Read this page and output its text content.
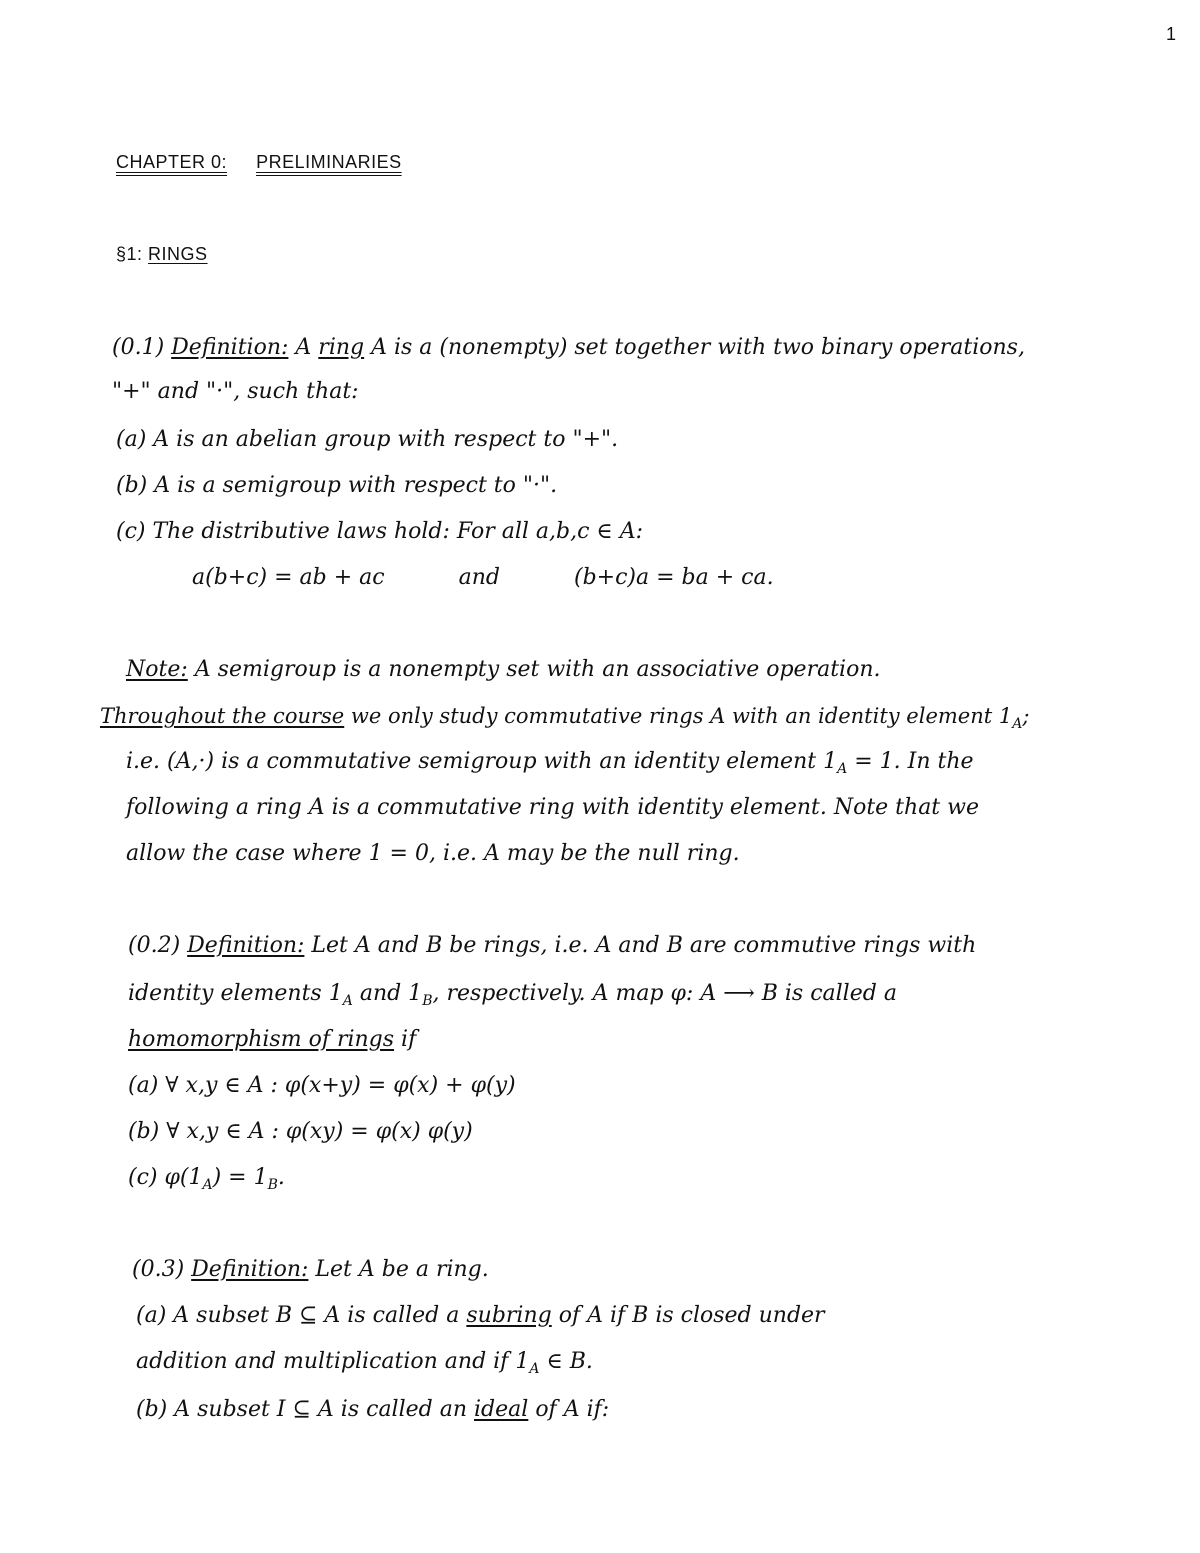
1
CHAPTER 0: PRELIMINARIES
§1: RINGS
(0.1) Definition: A ring A is a (nonempty) set together with two binary operations,
"+" and "·", such that:
(a) A is an abelian group with respect to "+".
(b) A is a semigroup with respect to "·".
(c) The distributive laws hold: For all a,b,c ∈ A:
a(b+c) = ab + ac	and	(b+c)a = ba + ca.
Note: A semigroup is a nonempty set with an associative operation.
Throughout the course we only study commutative rings A with an identity element $1_A$;
i.e. (A,·) is a commutative semigroup with an identity element $1_A = 1$. In the
following a ring A is a commutative ring with identity element. Note that we
allow the case where 1 = 0, i.e. A may be the null ring.
(0.2) Definition: Let A and B be rings, i.e. A and B are commutive rings with
identity elements $1_A$ and $1_B$, respectively. A map φ: A ⟶ B is called a
homomorphism of rings if
(a) ∀ x,y ∈ A : φ(x+y) = φ(x) + φ(y)
(b) ∀ x,y ∈ A : φ(xy) = φ(x) φ(y)
(c) $\varphi(1_A) = 1_B$.
(0.3) Definition: Let A be a ring.
(a) A subset B ⊆ A is called a subring of A if B is closed under
addition and multiplication and if $1_A$ ∈ B.
(b) A subset I ⊆ A is called an ideal of A if:
